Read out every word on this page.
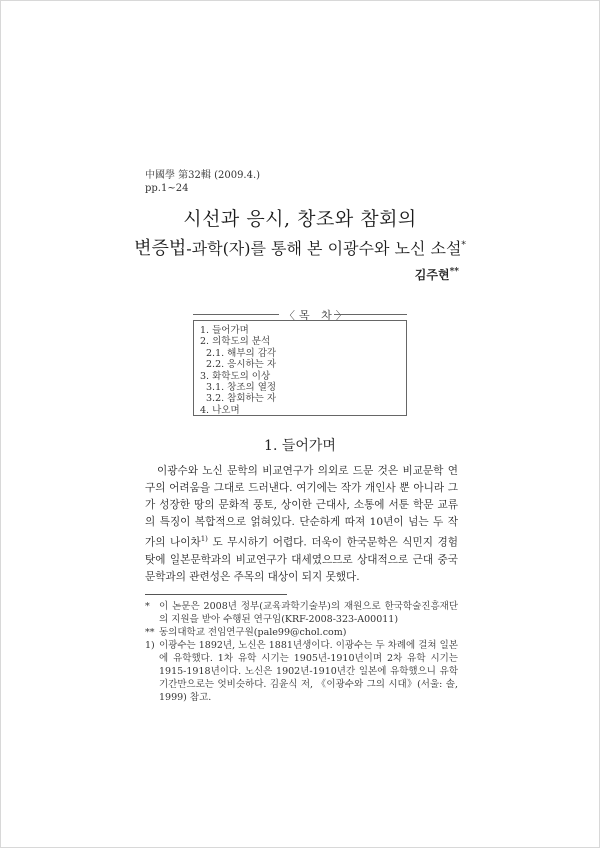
中國學 第32輯 (2009.4.)
pp.1~24
시선과 응시, 창조와 참회의
변증법-과학(자)를 통해 본 이광수와 노신 소설*
김주현**
〈목 차〉
1. 들어가며
2. 의학도의 분석
2.1. 해부의 감각
2.2. 응시하는 자
3. 화학도의 이상
3.1. 창조의 열정
3.2. 참회하는 자
4. 나오며
1. 들어가며

이광수와 노신 문학의 비교연구가 의외로 드문 것은 비교문학 연구의 어려움을 그대로 드러낸다. 여기에는 작가 개인사 뿐 아니라 그가 성장한 땅의 문화적 풍토, 상이한 근대사, 소통에 서툰 학문 교류의 특징이 복합적으로 얽혀있다. 단순하게 따져 10년이 넘는 두 작가의 나이차$^{1)}$ 도 무시하기 어렵다. 더욱이 한국문학은 식민지 경험 탓에 일본문학과의 비교연구가 대세였으므로 상대적으로 근대 중국문학과의 관련성은 주목의 대상이 되지 못했다.

* 이 논문은 2008년 정부(교육과학기술부)의 재원으로 한국학술진흥재단의 지원을 받아 수행된 연구임(KRF-2008-323-A00011)
** 동의대학교 전임연구원(pale99@chol.com)
1) 이광수는 1892년, 노신은 1881년생이다. 이광수는 두 차례에 걸쳐 일본에 유학했다. 1차 유학 시기는 1905년-1910년이며 2차 유학 시기는 1915-1918년이다. 노신은 1902년-1910년간 일본에 유학했으니 유학 기간만으로는 엇비슷하다. 김윤식 저, 《이광수와 그의 시대》(서울: 솔, 1999) 참고.
